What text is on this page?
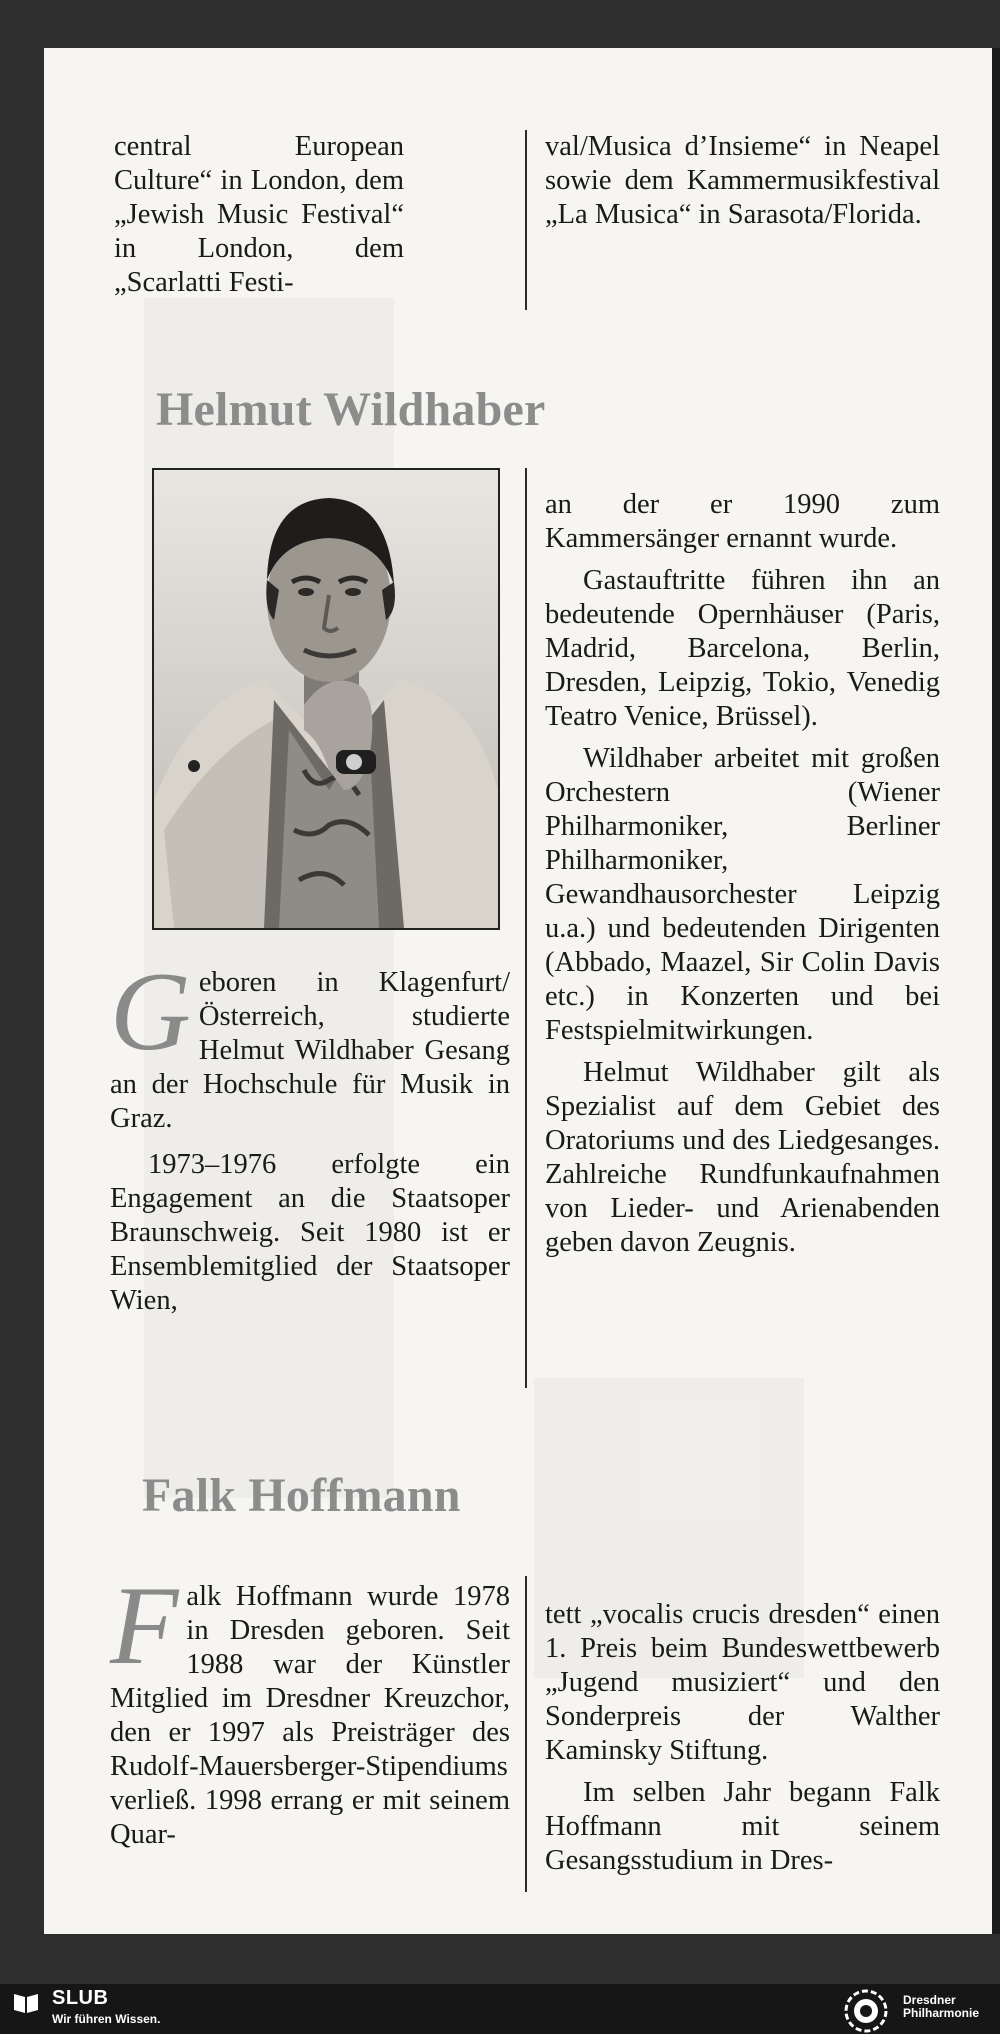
central European Culture“ in London, dem „Jewish Music Festival“ in London, dem „Scarlatti Festi-

val/Musica d’Insieme“ in Neapel sowie dem Kammermusikfestival „La Musica“ in Sarasota/Florida.

Helmut Wildhaber

Geboren in Klagenfurt/Österreich, studierte Helmut Wildhaber Gesang an der Hochschule für Musik in Graz.

1973–1976 erfolgte ein Engagement an die Staatsoper Braunschweig. Seit 1980 ist er Ensemblemitglied der Staatsoper Wien,

an der er 1990 zum Kammersänger ernannt wurde.

Gastauftritte führen ihn an bedeutende Opernhäuser (Paris, Madrid, Barcelona, Berlin, Dresden, Leipzig, Tokio, Venedig Teatro Venice, Brüssel).

Wildhaber arbeitet mit großen Orchestern (Wiener Philharmoniker, Berliner Philharmoniker, Gewandhausorchester Leipzig u.a.) und bedeutenden Dirigenten (Abbado, Maazel, Sir Colin Davis etc.) in Konzerten und bei Festspielmitwirkungen.

Helmut Wildhaber gilt als Spezialist auf dem Gebiet des Oratoriums und des Liedgesanges. Zahlreiche Rundfunkaufnahmen von Lieder- und Arienabenden geben davon Zeugnis.

Falk Hoffmann

Falk Hoffmann wurde 1978 in Dresden geboren. Seit 1988 war der Künstler Mitglied im Dresdner Kreuzchor, den er 1997 als Preisträger des Rudolf-Mauersberger-Stipendiums verließ. 1998 errang er mit seinem Quar-

tett „vocalis crucis dresden“ einen 1. Preis beim Bundeswettbewerb „Jugend musiziert“ und den Sonderpreis der Walther Kaminsky Stiftung.

Im selben Jahr begann Falk Hoffmann mit seinem Gesangsstudium in Dres-

SLUB
Wir führen Wissen.
Dresdner
Philharmonie
